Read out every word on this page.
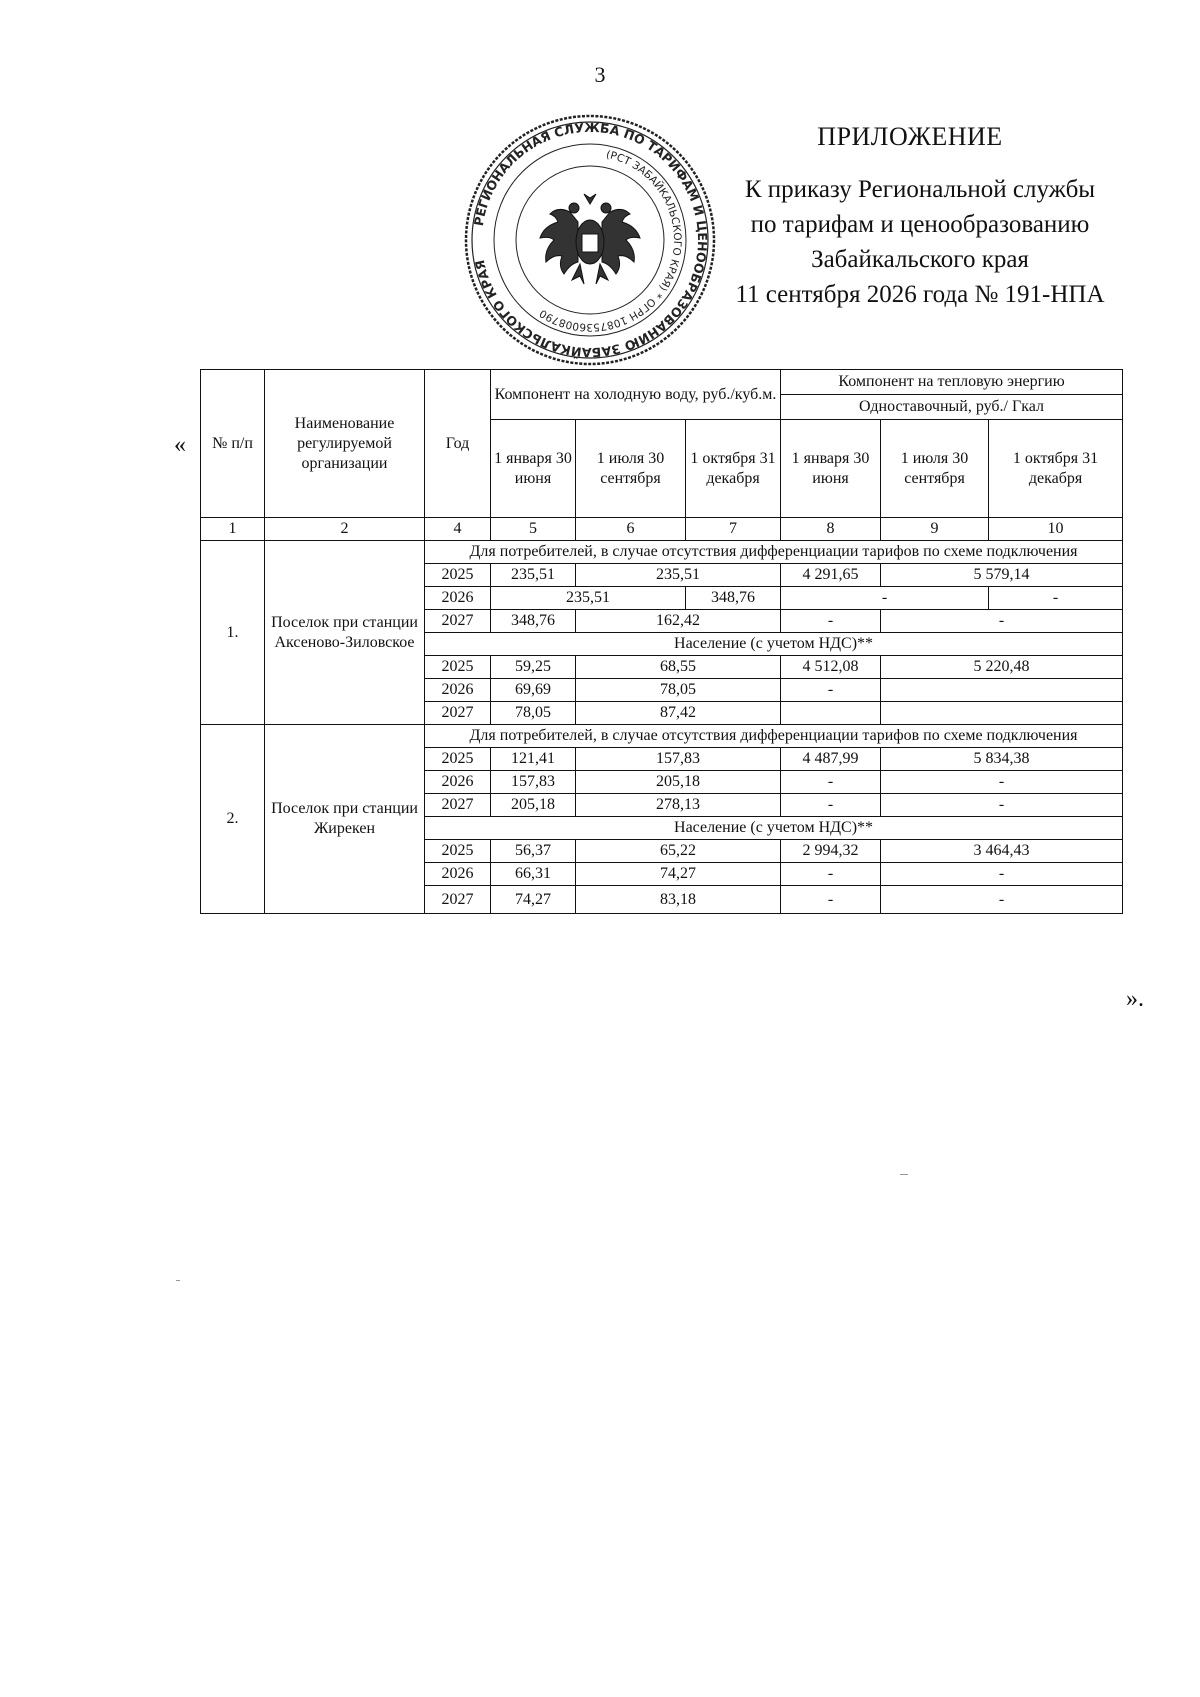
3
ПРИЛОЖЕНИЕ
К приказу Региональной службы
по тарифам и ценообразованию
Забайкальского края
11 сентября 2026 года № 191-НПА
РЕГИОНАЛЬНАЯ СЛУЖБА ПО ТАРИФАМ И ЦЕНООБРАЗОВАНИЮ ЗАБАЙКАЛЬСКОГО КРАЯ
(РСТ ЗАБАЙКАЛЬСКОГО КРАЯ) * ОГРН 1087536008790
«
».
№ п/п	Наименование регулируемой организации	Год	Компонент на холодную воду, руб./куб.м.			Компонент на тепловую энергию		
						Одноставочный, руб./ Гкал		
			1 января 30 июня	1 июля 30 сентября	1 октября 31 декабря	1 января 30 июня	1 июля 30 сентября	1 октября 31 декабря
1	2	4	5	6	7	8	9	10
1.	Поселок при станции Аксеново-Зиловское	Для потребителей, в случае отсутствия дифференциации тарифов по схеме подключения						
		2025	235,51	235,51		4 291,65	5 579,14	
		2026	235,51		348,76	-		-
		2027	348,76	162,42		-	-	
		Население (с учетом НДС)**						
		2025	59,25	68,55		4 512,08	5 220,48	
		2026	69,69	78,05		-		
		2027	78,05	87,42				
2.	Поселок при станции Жирекен	Для потребителей, в случае отсутствия дифференциации тарифов по схеме подключения						
		2025	121,41	157,83		4 487,99	5 834,38	
		2026	157,83	205,18		-	-	
		2027	205,18	278,13		-	-	
		Население (с учетом НДС)**						
		2025	56,37	65,22		2 994,32	3 464,43	
		2026	66,31	74,27		-	-	
		2027	74,27	83,18		-	-	
